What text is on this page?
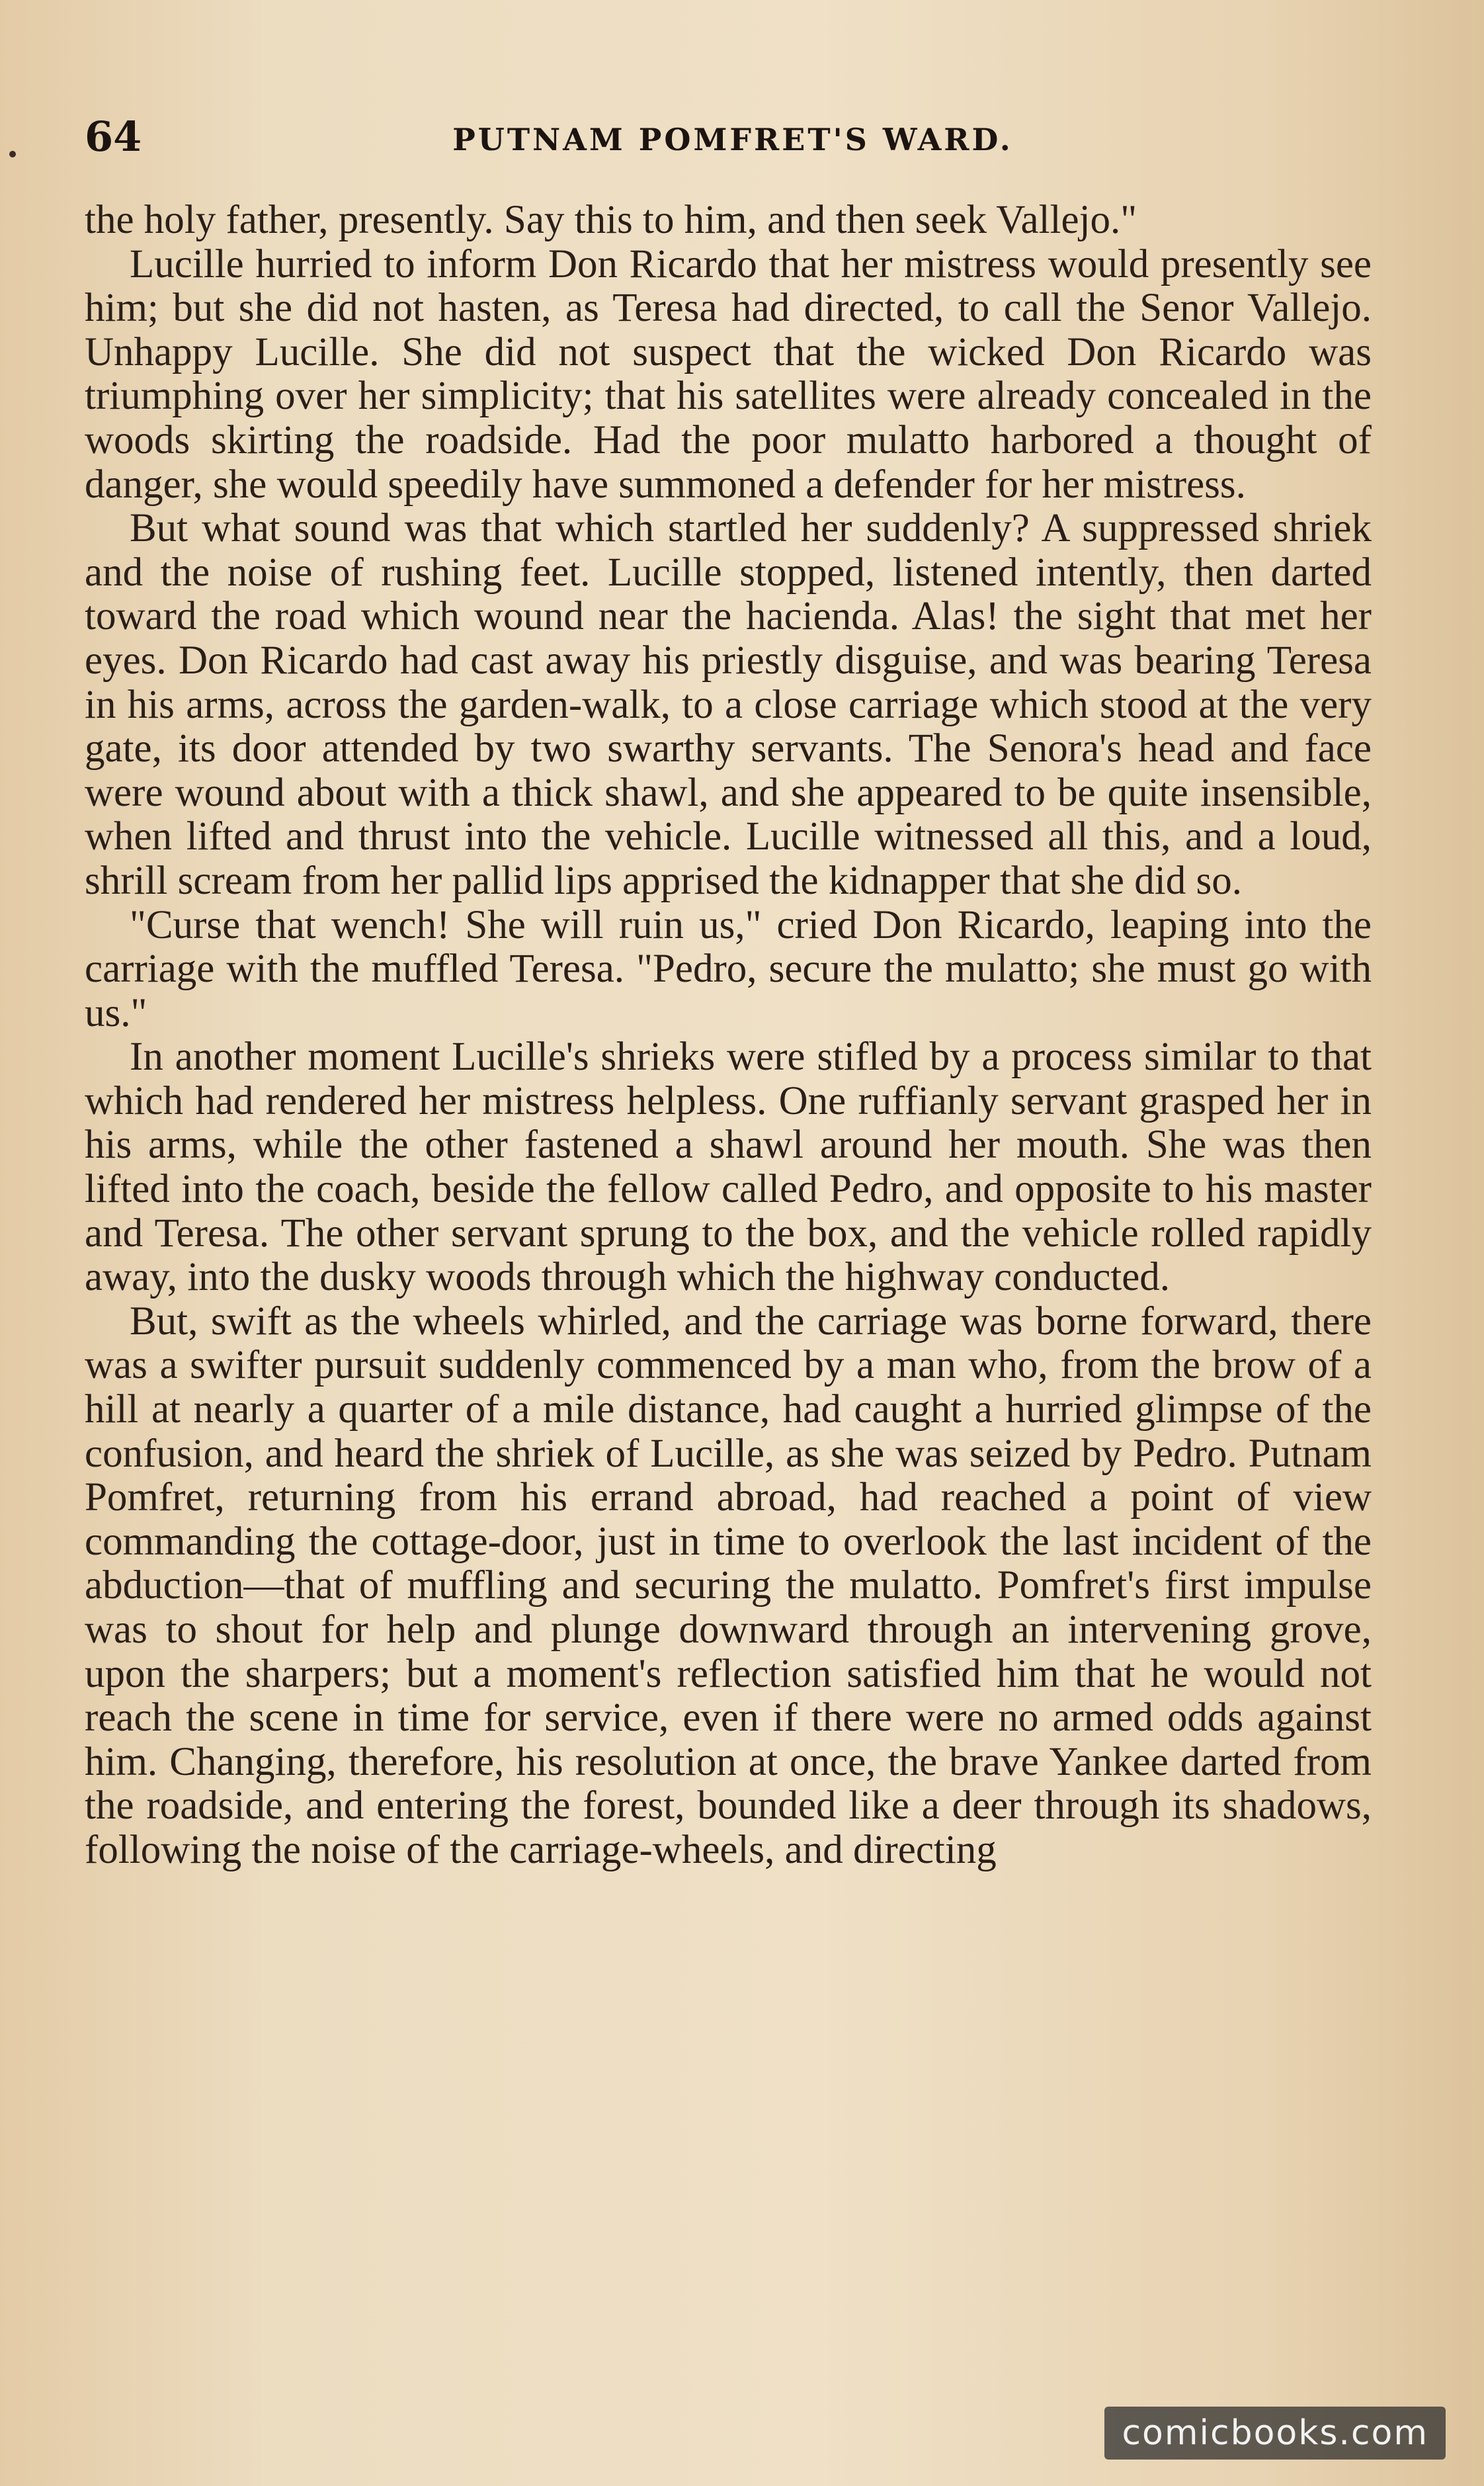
64	PUTNAM POMFRET'S WARD.

the holy father, presently. Say this to him, and then seek Vallejo."

Lucille hurried to inform Don Ricardo that her mistress would presently see him; but she did not hasten, as Teresa had directed, to call the Senor Vallejo. Unhappy Lucille. She did not suspect that the wicked Don Ricardo was triumphing over her simplicity; that his satellites were already concealed in the woods skirting the roadside. Had the poor mulatto harbored a thought of danger, she would speedily have summoned a defender for her mistress.

But what sound was that which startled her suddenly? A suppressed shriek and the noise of rushing feet. Lucille stopped, listened intently, then darted toward the road which wound near the hacienda. Alas! the sight that met her eyes. Don Ricardo had cast away his priestly disguise, and was bearing Teresa in his arms, across the garden-walk, to a close carriage which stood at the very gate, its door attended by two swarthy servants. The Senora's head and face were wound about with a thick shawl, and she appeared to be quite insensible, when lifted and thrust into the vehicle. Lucille witnessed all this, and a loud, shrill scream from her pallid lips apprised the kidnapper that she did so.

"Curse that wench! She will ruin us," cried Don Ricardo, leaping into the carriage with the muffled Teresa. "Pedro, secure the mulatto; she must go with us."

In another moment Lucille's shrieks were stifled by a process similar to that which had rendered her mistress helpless. One ruffianly servant grasped her in his arms, while the other fastened a shawl around her mouth. She was then lifted into the coach, beside the fellow called Pedro, and opposite to his master and Teresa. The other servant sprung to the box, and the vehicle rolled rapidly away, into the dusky woods through which the highway conducted.

But, swift as the wheels whirled, and the carriage was borne forward, there was a swifter pursuit suddenly commenced by a man who, from the brow of a hill at nearly a quarter of a mile distance, had caught a hurried glimpse of the confusion, and heard the shriek of Lucille, as she was seized by Pedro. Putnam Pomfret, returning from his errand abroad, had reached a point of view commanding the cottage-door, just in time to overlook the last incident of the abduction—that of muffling and securing the mulatto. Pomfret's first impulse was to shout for help and plunge downward through an intervening grove, upon the sharpers; but a moment's reflection satisfied him that he would not reach the scene in time for service, even if there were no armed odds against him. Changing, therefore, his resolution at once, the brave Yankee darted from the roadside, and entering the forest, bounded like a deer through its shadows, following the noise of the carriage-wheels, and directing

comicbooks.com
